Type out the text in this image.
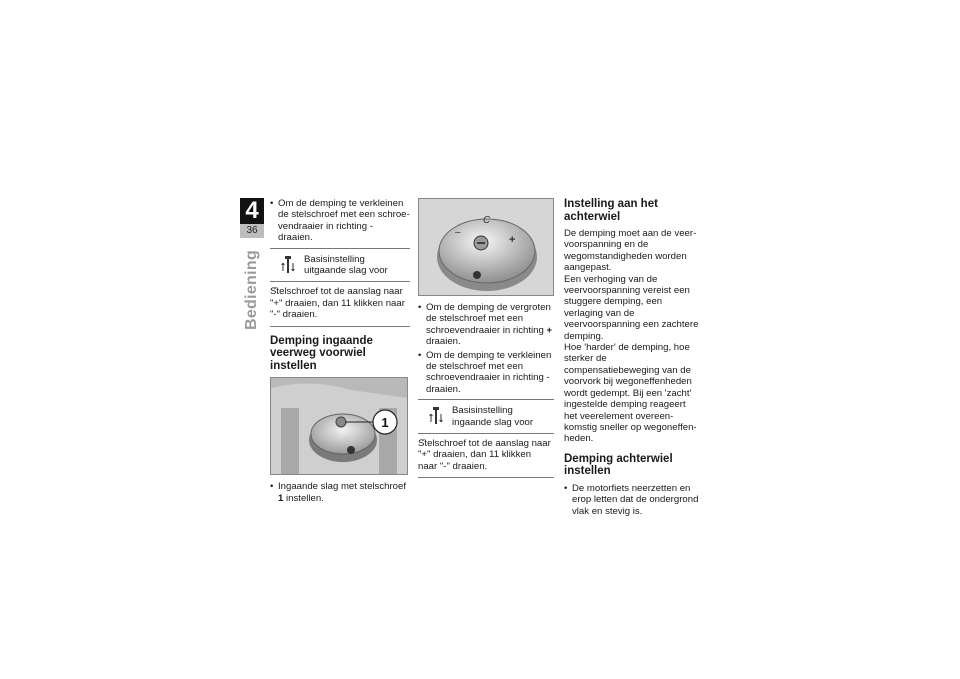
4
36
Bediening
• Om de demping te verkleinen de stelschroef met een schroevendraaier in richting - draaien.
Basisinstelling uitgaande slag voor
– Stelschroef tot de aanslag naar "+" draaien, dan 11 klikken naar "-" draaien.
Demping ingaande veerweg voorwiel instellen
1
• Ingaande slag met stelschroef 1 instellen.
–
C
+
• Om de demping de vergroten de stelschroef met een schroevendraaier in richting + draaien.
• Om de demping te verkleinen de stelschroef met een schroevendraaier in richting - draaien.
Basisinstelling ingaande slag voor
– Stelschroef tot de aanslag naar "+" draaien, dan 11 klikken naar "-" draaien.
Instelling aan het achterwiel

De demping moet aan de veervoorspanning en de wegomstandigheden worden aangepast.

Een verhoging van de veervoorspanning vereist een stuggere demping, een verlaging van de veervoorspanning een zachtere demping.

Hoe 'harder' de demping, hoe sterker de compensatiebeweging van de voorvork bij wegoneffenheden wordt gedempt. Bij een 'zacht' ingestelde demping reageert het veerelement overeenkomstig sneller op wegoneffenheden.

Demping achterwiel instellen
• De motorfiets neerzetten en erop letten dat de ondergrond vlak en stevig is.
